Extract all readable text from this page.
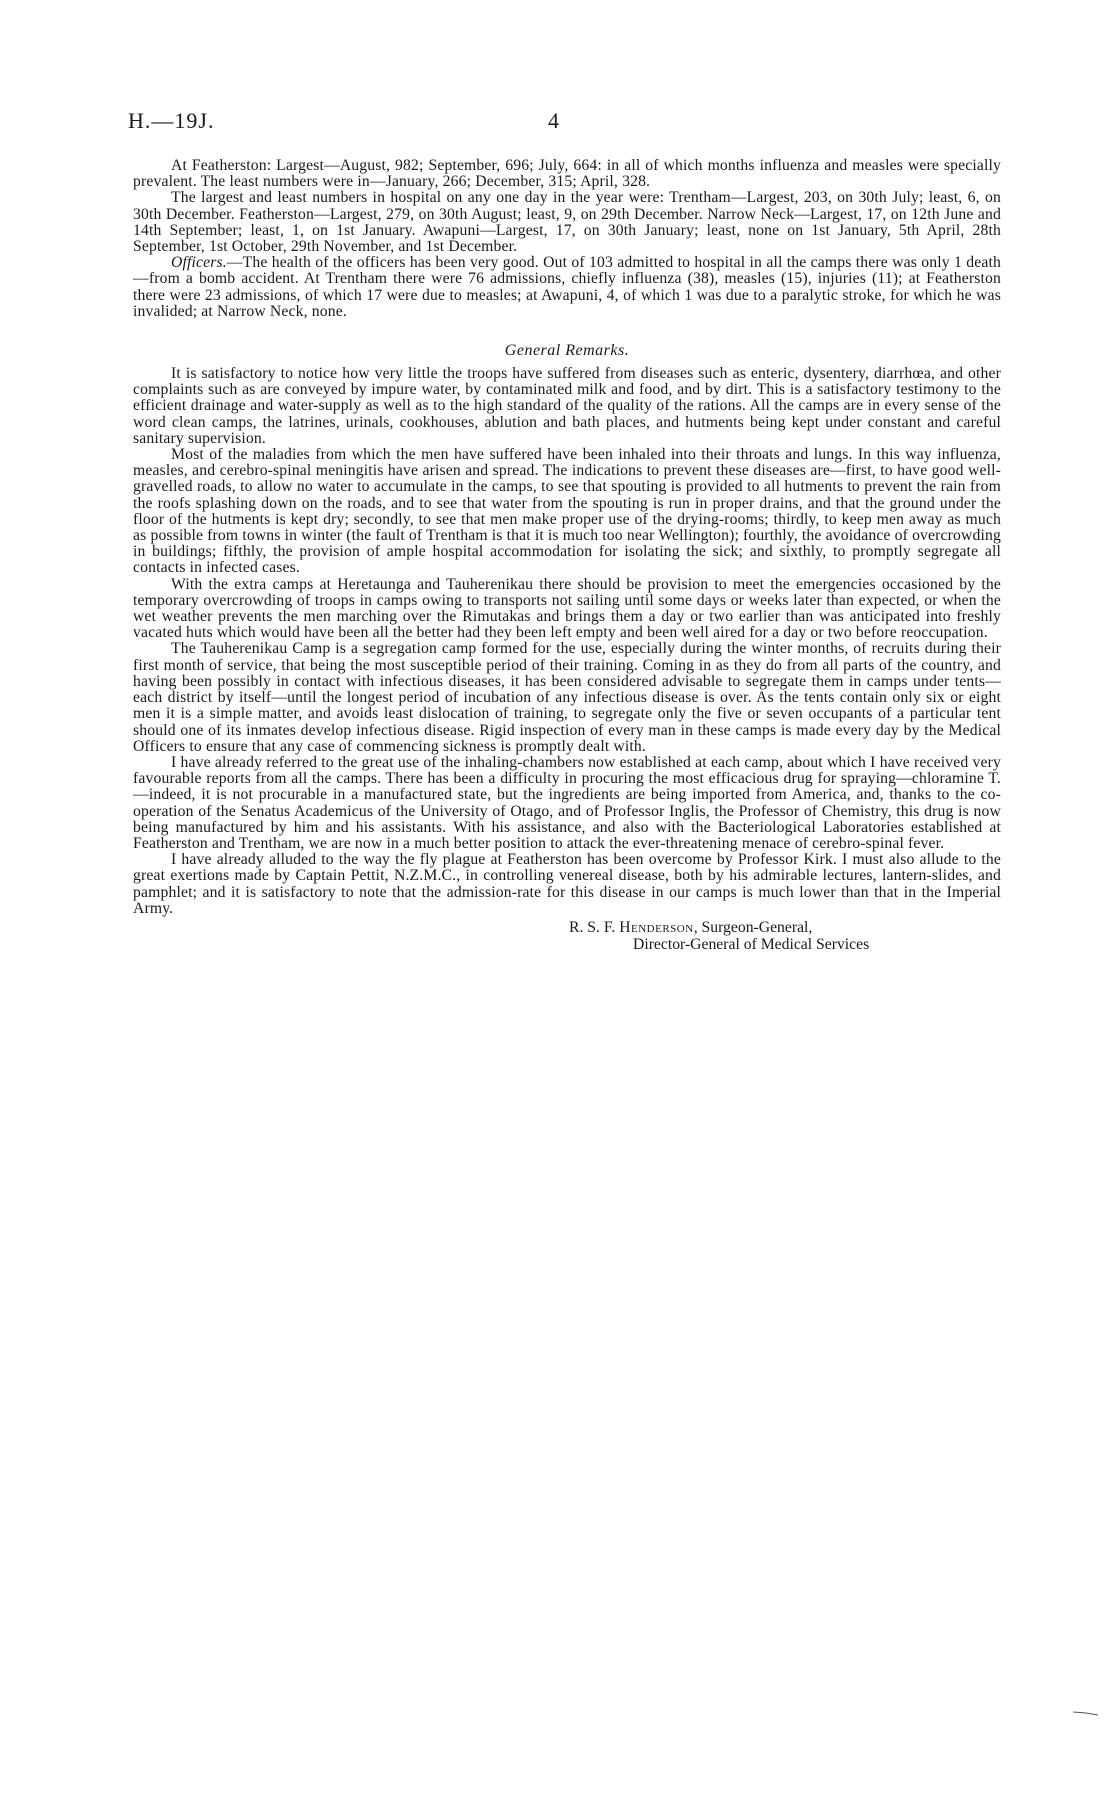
H.—19J.	4

At Featherston: Largest—August, 982; September, 696; July, 664: in all of which months influenza and measles were specially prevalent. The least numbers were in—January, 266; December, 315; April, 328.

The largest and least numbers in hospital on any one day in the year were: Trentham—Largest, 203, on 30th July; least, 6, on 30th December. Featherston—Largest, 279, on 30th August; least, 9, on 29th December. Narrow Neck—Largest, 17, on 12th June and 14th September; least, 1, on 1st January. Awapuni—Largest, 17, on 30th January; least, none on 1st January, 5th April, 28th September, 1st October, 29th November, and 1st December.

Officers.—The health of the officers has been very good. Out of 103 admitted to hospital in all the camps there was only 1 death—from a bomb accident. At Trentham there were 76 admissions, chiefly influenza (38), measles (15), injuries (11); at Featherston there were 23 admissions, of which 17 were due to measles; at Awapuni, 4, of which 1 was due to a paralytic stroke, for which he was invalided; at Narrow Neck, none.

General Remarks.

It is satisfactory to notice how very little the troops have suffered from diseases such as enteric, dysentery, diarrhœa, and other complaints such as are conveyed by impure water, by contaminated milk and food, and by dirt. This is a satisfactory testimony to the efficient drainage and water-supply as well as to the high standard of the quality of the rations. All the camps are in every sense of the word clean camps, the latrines, urinals, cookhouses, ablution and bath places, and hutments being kept under constant and careful sanitary supervision.

Most of the maladies from which the men have suffered have been inhaled into their throats and lungs. In this way influenza, measles, and cerebro-spinal meningitis have arisen and spread. The indications to prevent these diseases are—first, to have good well-gravelled roads, to allow no water to accumulate in the camps, to see that spouting is provided to all hutments to prevent the rain from the roofs splashing down on the roads, and to see that water from the spouting is run in proper drains, and that the ground under the floor of the hutments is kept dry; secondly, to see that men make proper use of the drying-rooms; thirdly, to keep men away as much as possible from towns in winter (the fault of Trentham is that it is much too near Wellington); fourthly, the avoidance of overcrowding in buildings; fifthly, the provision of ample hospital accommodation for isolating the sick; and sixthly, to promptly segregate all contacts in infected cases.

With the extra camps at Heretaunga and Tauherenikau there should be provision to meet the emergencies occasioned by the temporary overcrowding of troops in camps owing to transports not sailing until some days or weeks later than expected, or when the wet weather prevents the men marching over the Rimutakas and brings them a day or two earlier than was anticipated into freshly vacated huts which would have been all the better had they been left empty and been well aired for a day or two before reoccupation.

The Tauherenikau Camp is a segregation camp formed for the use, especially during the winter months, of recruits during their first month of service, that being the most susceptible period of their training. Coming in as they do from all parts of the country, and having been possibly in contact with infectious diseases, it has been considered advisable to segregate them in camps under tents—each district by itself—until the longest period of incubation of any infectious disease is over. As the tents contain only six or eight men it is a simple matter, and avoids least dislocation of training, to segregate only the five or seven occupants of a particular tent should one of its inmates develop infectious disease. Rigid inspection of every man in these camps is made every day by the Medical Officers to ensure that any case of commencing sickness is promptly dealt with.

I have already referred to the great use of the inhaling-chambers now established at each camp, about which I have received very favourable reports from all the camps. There has been a difficulty in procuring the most efficacious drug for spraying—chloramine T.—indeed, it is not procurable in a manufactured state, but the ingredients are being imported from America, and, thanks to the co-operation of the Senatus Academicus of the University of Otago, and of Professor Inglis, the Professor of Chemistry, this drug is now being manufactured by him and his assistants. With his assistance, and also with the Bacteriological Laboratories established at Featherston and Trentham, we are now in a much better position to attack the ever-threatening menace of cerebro-spinal fever.

I have already alluded to the way the fly plague at Featherston has been overcome by Professor Kirk. I must also allude to the great exertions made by Captain Pettit, N.Z.M.C., in controlling venereal disease, both by his admirable lectures, lantern-slides, and pamphlet; and it is satisfactory to note that the admission-rate for this disease in our camps is much lower than that in the Imperial Army.

R. S. F. Henderson, Surgeon-General,
Director-General of Medical Services
